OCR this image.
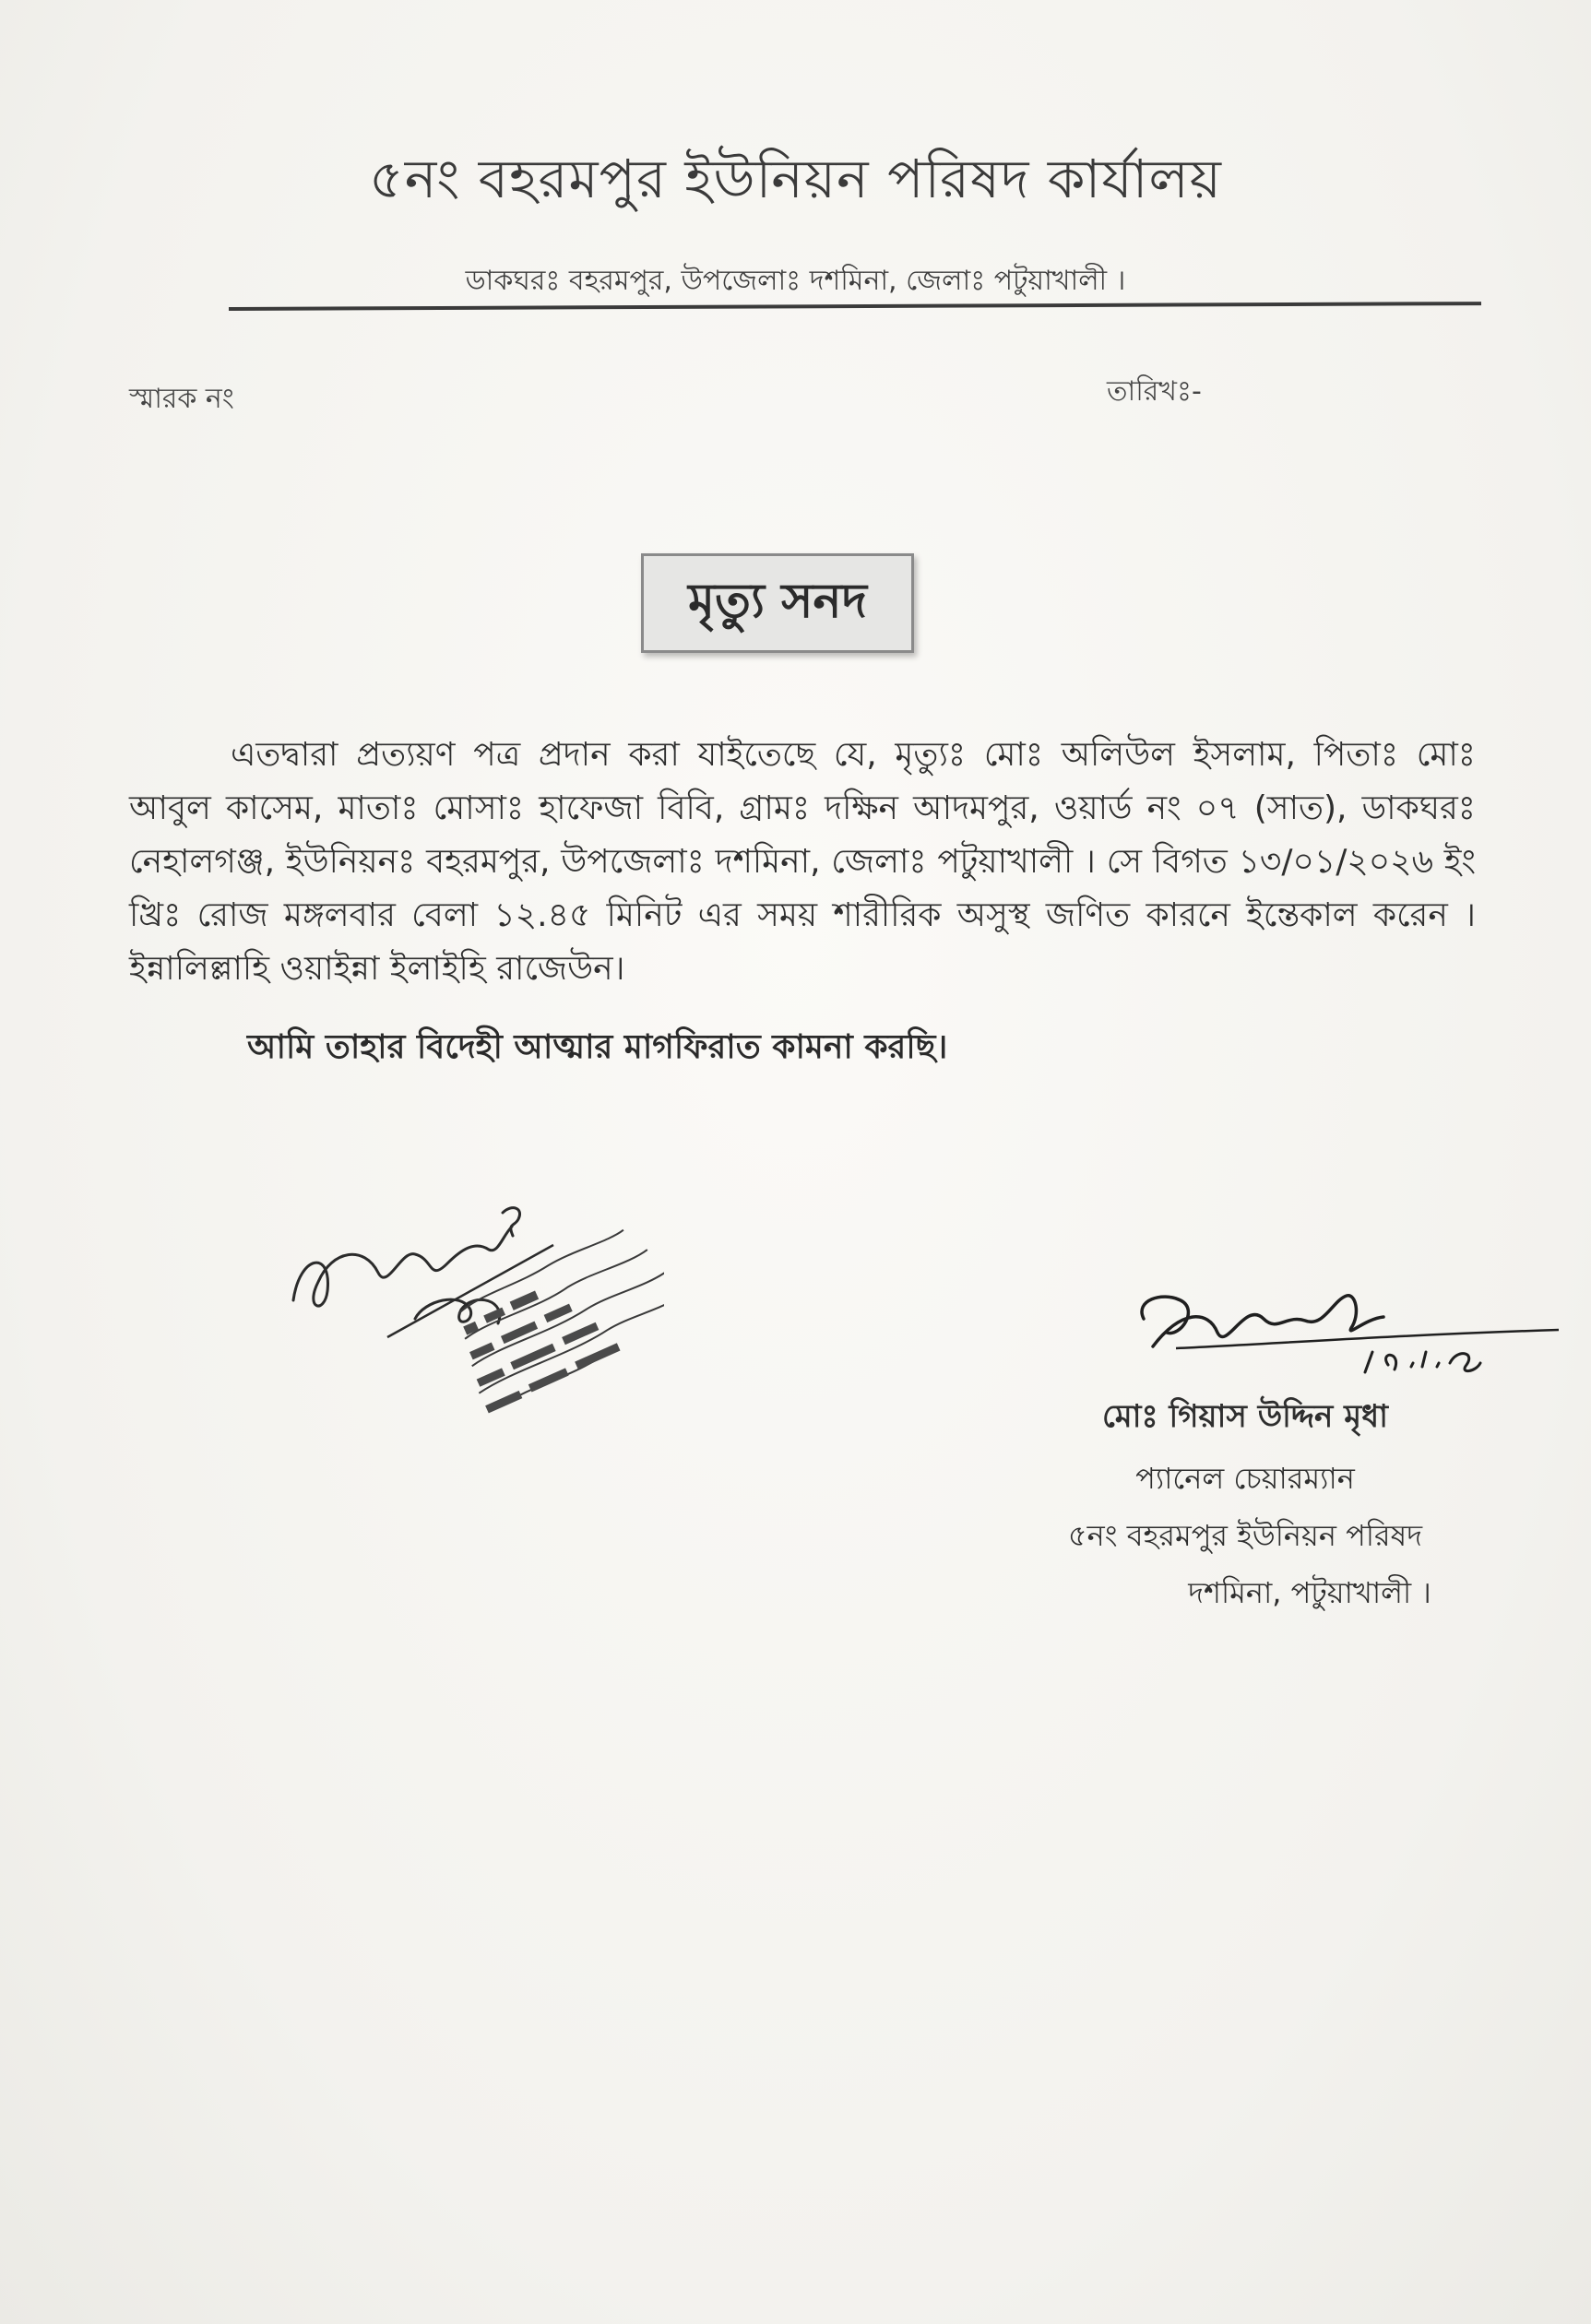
৫নং বহরমপুর ইউনিয়ন পরিষদ কার্যালয়
ডাকঘরঃ বহরমপুর, উপজেলাঃ দশমিনা, জেলাঃ পটুয়াখালী ।
স্মারক নং	তারিখঃ-
মৃত্যু সনদ
এতদ্বারা প্রত্যয়ণ পত্র প্রদান করা যাইতেছে যে, মৃত্যুঃ মোঃ অলিউল ইসলাম, পিতাঃ মোঃ আবুল কাসেম, মাতাঃ মোসাঃ হাফেজা বিবি, গ্রামঃ দক্ষিন আদমপুর, ওয়ার্ড নং ০৭ (সাত), ডাকঘরঃ নেহালগঞ্জ, ইউনিয়নঃ বহরমপুর, উপজেলাঃ দশমিনা, জেলাঃ পটুয়াখালী । সে বিগত ১৩/০১/২০২৬ ইং খ্রিঃ রোজ মঙ্গলবার বেলা ১২.৪৫ মিনিট এর সময় শারীরিক অসুস্থ জণিত কারনে ইন্তেকাল করেন । ইন্নালিল্লাহি ওয়াইন্না ইলাইহি রাজেউন।
আমি তাহার বিদেহী আত্মার মাগফিরাত কামনা করছি।
মোঃ গিয়াস উদ্দিন মৃধা
প্যানেল চেয়ারম্যান
৫নং বহরমপুর ইউনিয়ন পরিষদ
দশমিনা, পটুয়াখালী ।
